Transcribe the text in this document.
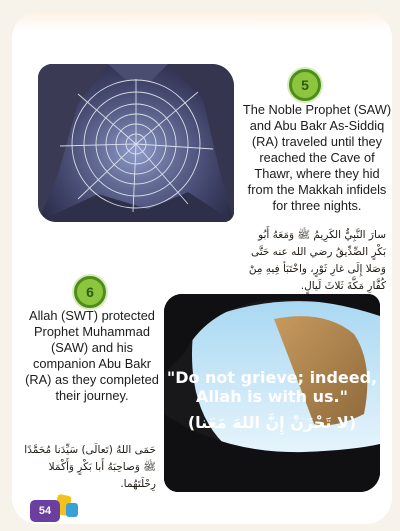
5
The Noble Prophet (SAW) and Abu Bakr As-Siddiq (RA) traveled until they reached the Cave of Thawr, where they hid from the Makkah infidels for three nights.
سارَ النَّبِيُّ الكَرِيمُ ﷺ وَمَعَهُ أَبُو بَكْرٍ الصِّدِّيقُ رضي الله عنه حَتَّى وَصَلا إِلَى غارِ ثَوْرٍ، واخْتَبَأ فِيهِ مِنْ كُفَّارِ مَكَّةَ ثَلاثَ لَيالٍ.
6
Allah (SWT) protected Prophet Muhammad (SAW) and his companion Abu Bakr (RA) as they completed their journey.
حَمَى اللهُ (تَعالَى) سَيِّدَنا مُحَمَّدًا ﷺ وَصاحِبَهُ أَبا بَكْرٍ وَأَكْمَلا رِحْلَتَهُما.
"Do not grieve; indeed, Allah is with us."
(لا تَحْزَنْ إِنَّ اللهَ مَعَنا)
54
